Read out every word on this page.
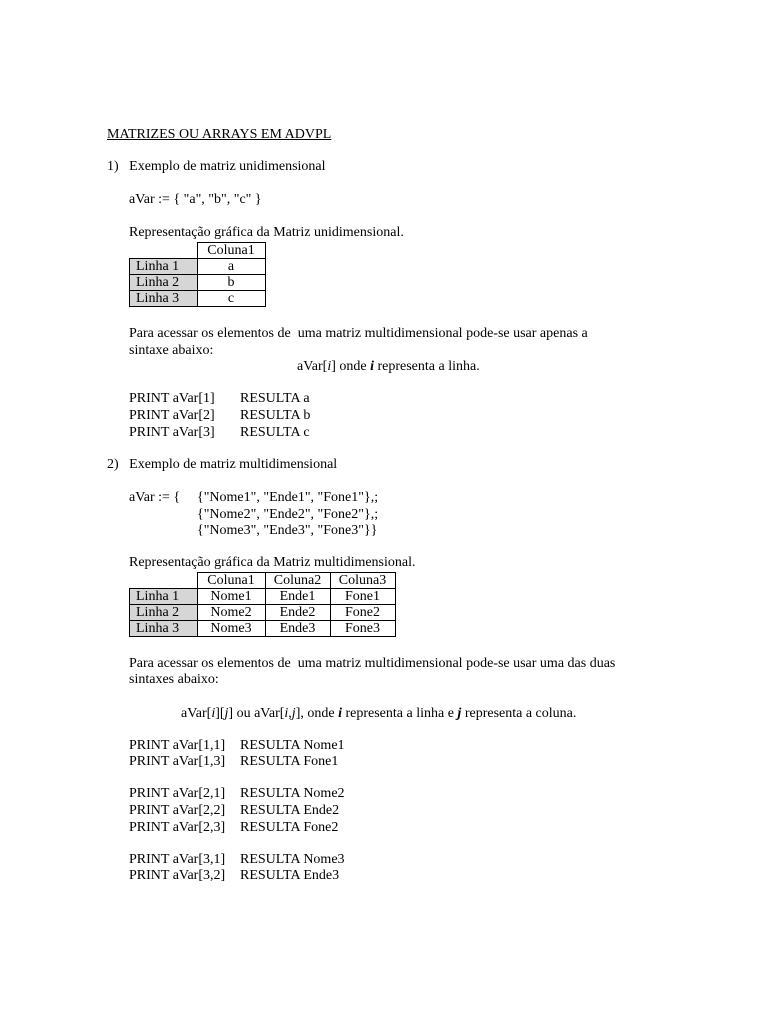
MATRIZES OU ARRAYS EM ADVPL
1)   Exemplo de matriz unidimensional
aVar := { "a", "b", "c" }
Representação gráfica da Matriz unidimensional.
	Coluna1
Linha 1	a
Linha 2	b
Linha 3	c
Para acessar os elementos de  uma matriz multidimensional pode-se usar apenas a
sintaxe abaixo:
aVar[i] onde i representa a linha.
PRINT aVar[1] RESULTA a
PRINT aVar[2] RESULTA b
PRINT aVar[3] RESULTA c
2)   Exemplo de matriz multidimensional
aVar := { {"Nome1", "Ende1", "Fone1"},;
{"Nome2", "Ende2", "Fone2"},;
{"Nome3", "Ende3", "Fone3"}}
Representação gráfica da Matriz multidimensional.
	Coluna1	Coluna2	Coluna3
Linha 1	Nome1	Ende1	Fone1
Linha 2	Nome2	Ende2	Fone2
Linha 3	Nome3	Ende3	Fone3
Para acessar os elementos de  uma matriz multidimensional pode-se usar uma das duas
sintaxes abaixo:
aVar[i][j] ou aVar[i,j], onde i representa a linha e j representa a coluna.
PRINT aVar[1,1] RESULTA Nome1
PRINT aVar[1,3] RESULTA Fone1
PRINT aVar[2,1] RESULTA Nome2
PRINT aVar[2,2] RESULTA Ende2
PRINT aVar[2,3] RESULTA Fone2
PRINT aVar[3,1] RESULTA Nome3
PRINT aVar[3,2] RESULTA Ende3
